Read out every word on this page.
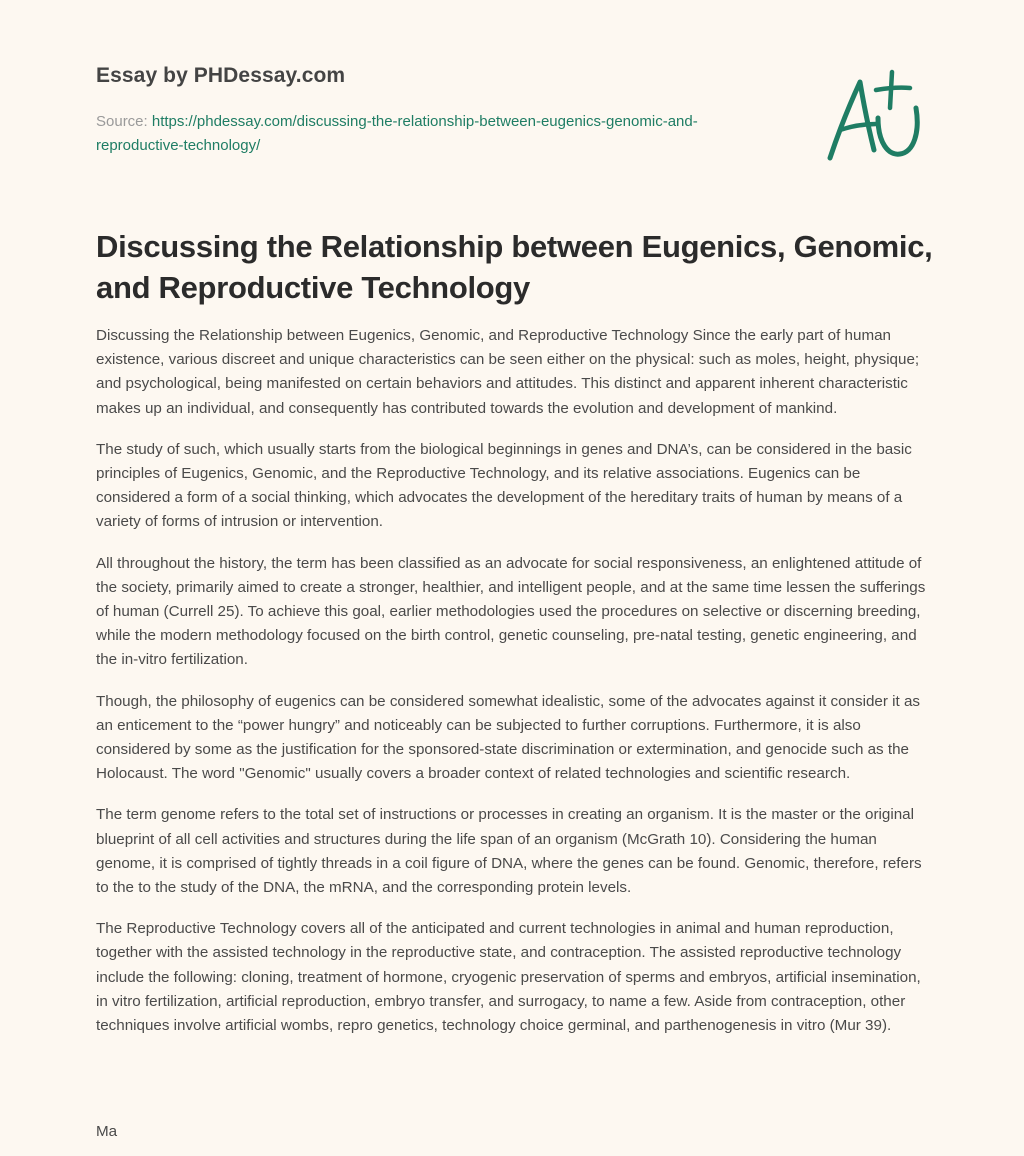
Essay by PHDessay.com
Source: https://phdessay.com/discussing-the-relationship-between-eugenics-genomic-and-reproductive-technology/
Discussing the Relationship between Eugenics, Genomic, and Reproductive Technology

Discussing the Relationship between Eugenics, Genomic, and Reproductive Technology Since the early part of human existence, various discreet and unique characteristics can be seen either on the physical: such as moles, height, physique; and psychological, being manifested on certain behaviors and attitudes. This distinct and apparent inherent characteristic makes up an individual, and consequently has contributed towards the evolution and development of mankind.

The study of such, which usually starts from the biological beginnings in genes and DNA’s, can be considered in the basic principles of Eugenics, Genomic, and the Reproductive Technology, and its relative associations. Eugenics can be considered a form of a social thinking, which advocates the development of the hereditary traits of human by means of a variety of forms of intrusion or intervention.

All throughout the history, the term has been classified as an advocate for social responsiveness, an enlightened attitude of the society, primarily aimed to create a stronger, healthier, and intelligent people, and at the same time lessen the sufferings of human (Currell 25). To achieve this goal, earlier methodologies used the procedures on selective or discerning breeding, while the modern methodology focused on the birth control, genetic counseling, pre-natal testing, genetic engineering, and the in-vitro fertilization.

Though, the philosophy of eugenics can be considered somewhat idealistic, some of the advocates against it consider it as an enticement to the “power hungry” and noticeably can be subjected to further corruptions. Furthermore, it is also considered by some as the justification for the sponsored-state discrimination or extermination, and genocide such as the Holocaust. The word "Genomic" usually covers a broader context of related technologies and scientific research.

The term genome refers to the total set of instructions or processes in creating an organism. It is the master or the original blueprint of all cell activities and structures during the life span of an organism (McGrath 10). Considering the human genome, it is comprised of tightly threads in a coil figure of DNA, where the genes can be found. Genomic, therefore, refers to the to the study of the DNA, the mRNA, and the corresponding protein levels.

The Reproductive Technology covers all of the anticipated and current technologies in animal and human reproduction, together with the assisted technology in the reproductive state, and contraception. The assisted reproductive technology include the following: cloning, treatment of hormone, cryogenic preservation of sperms and embryos, artificial insemination, in vitro fertilization, artificial reproduction, embryo transfer, and surrogacy, to name a few. Aside from contraception, other techniques involve artificial wombs, repro genetics, technology choice germinal, and parthenogenesis in vitro (Mur 39).

Ma
